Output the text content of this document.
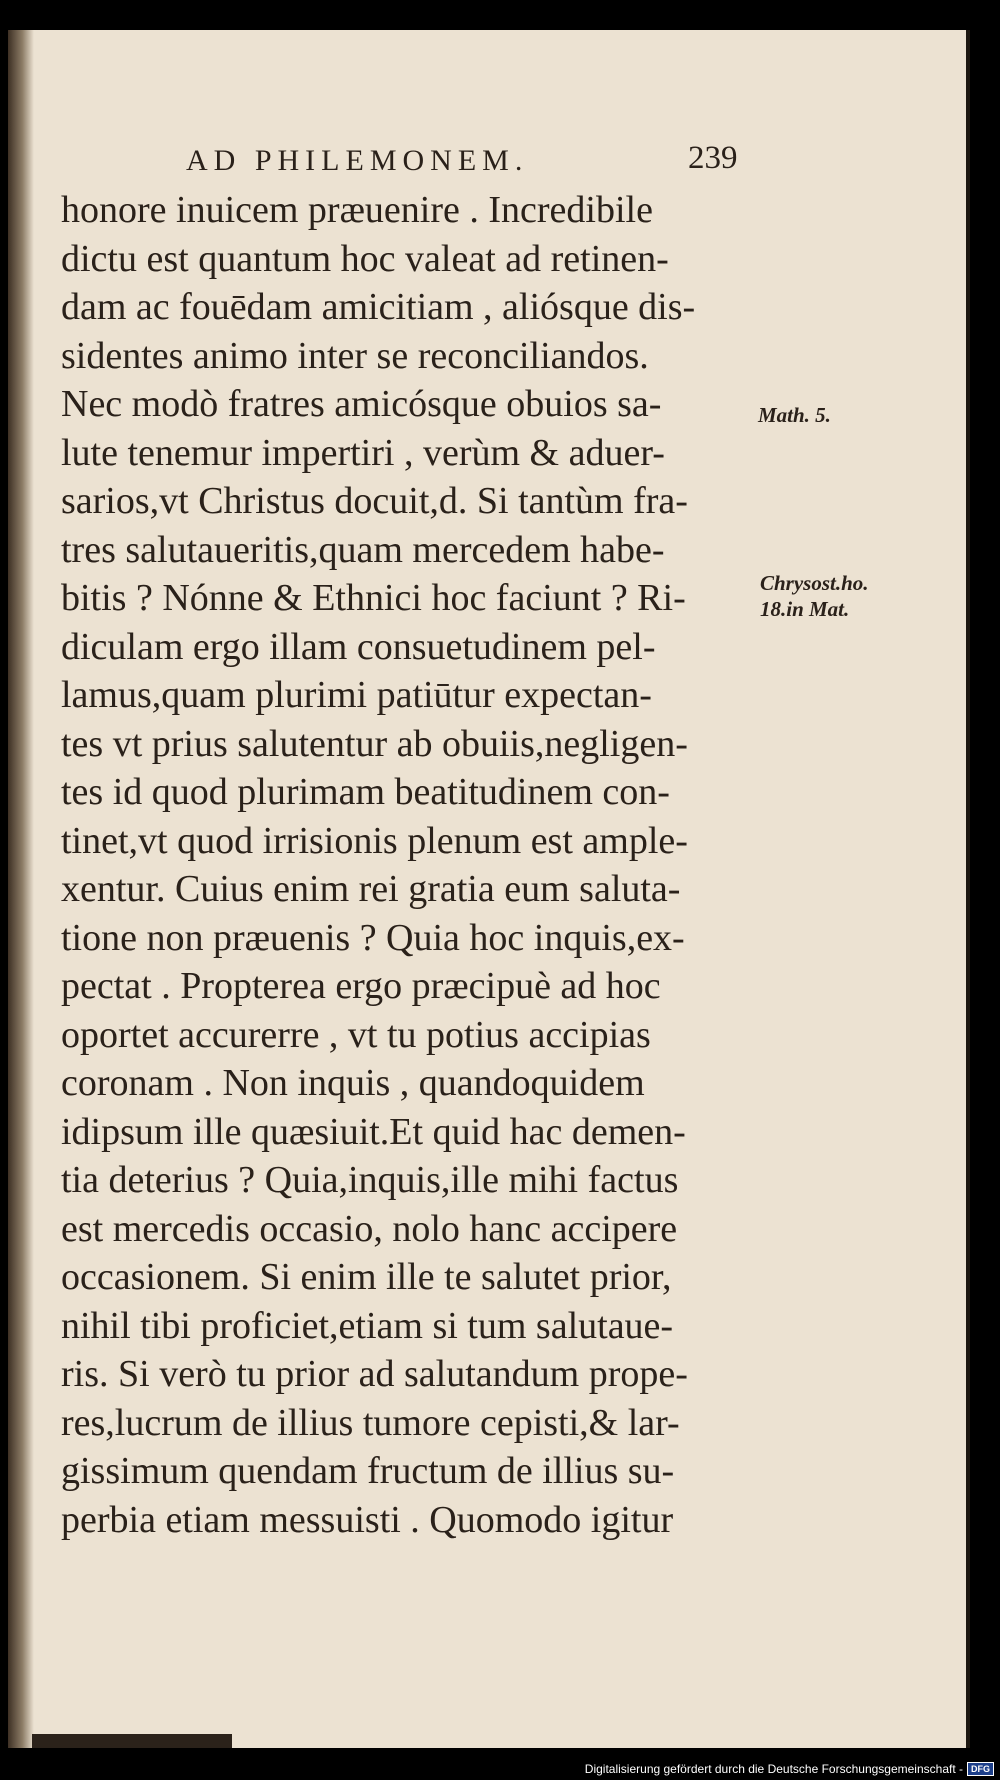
AD PHILEMONEM.	239
honore inuicem præuenire . Incredibile
dictu est quantum hoc valeat ad retinen-
dam ac fouēdam amicitiam , aliósque dis-
sidentes animo inter se reconciliandos.
Nec modò fratres amicósque obuios sa-
lute tenemur impertiri , verùm & aduer-
sarios,vt Christus docuit,d. Si tantùm fra-
tres salutaueritis,quam mercedem habe-
bitis ? Nónne & Ethnici hoc faciunt ? Ri-
diculam ergo illam consuetudinem pel-
lamus,quam plurimi patiūtur expectan-
tes vt prius salutentur ab obuiis,negligen-
tes id quod plurimam beatitudinem con-
tinet,vt quod irrisionis plenum est ample-
xentur. Cuius enim rei gratia eum saluta-
tione non præuenis ? Quia hoc inquis,ex-
pectat . Propterea ergo præcipuè ad hoc
oportet accurerre , vt tu potius accipias
coronam . Non inquis , quandoquidem
idipsum ille quæsiuit.Et quid hac demen-
tia deterius ? Quia,inquis,ille mihi factus
est mercedis occasio, nolo hanc accipere
occasionem. Si enim ille te salutet prior,
nihil tibi proficiet,etiam si tum salutaue-
ris. Si verò tu prior ad salutandum prope-
res,lucrum de illius tumore cepisti,& lar-
gissimum quendam fructum de illius su-
perbia etiam messuisti . Quomodo igitur
Math. 5.
Chrysost.ho.
18.in Mat.
Digitalisierung gefördert durch die Deutsche Forschungsgemeinschaft - DFG
